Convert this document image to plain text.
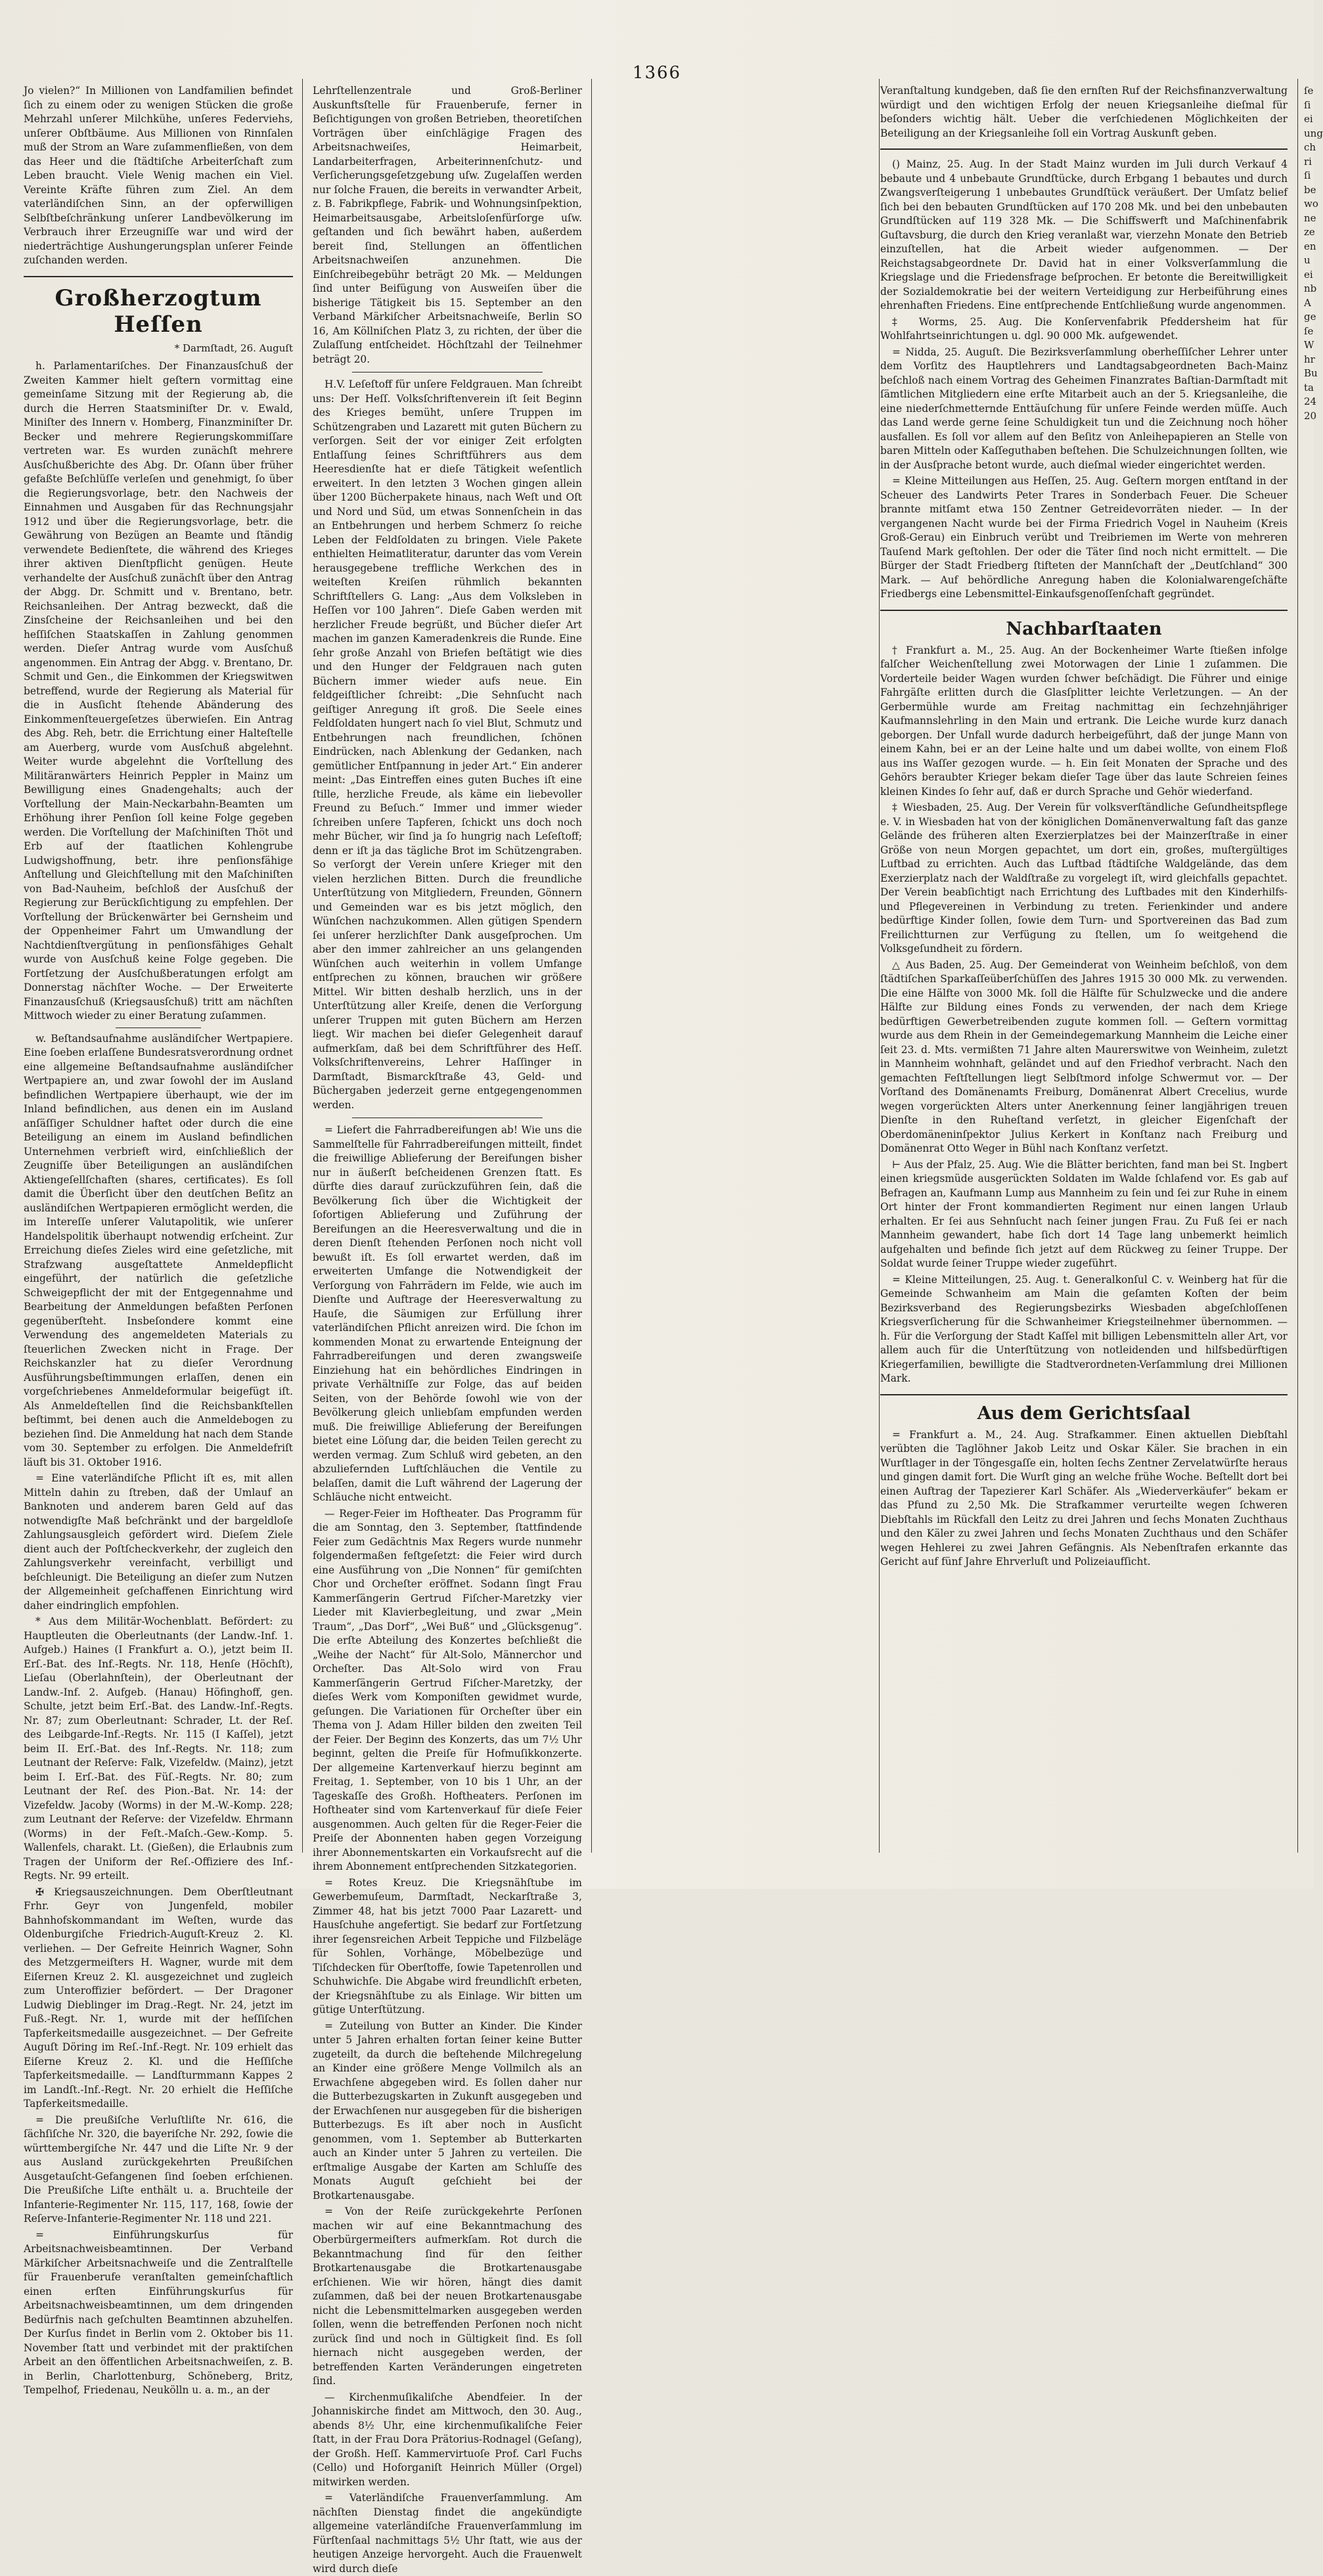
1366

Jo vielen?“ In Millionen von Landfamilien befindet ſich zu einem oder zu wenigen Stücken die große Mehrzahl unſerer Milchkühe, unſeres Federviehs, unſerer Obſtbäume. Aus Millionen von Rinnſalen muß der Strom an Ware zuſammenfließen, von dem das Heer und die ſtädtiſche Arbeiterſchaft zum Leben braucht. Viele Wenig machen ein Viel. Vereinte Kräfte führen zum Ziel. An dem vaterländiſchen Sinn, an der opferwilligen Selbſtbeſchränkung unſerer Landbevölkerung im Verbrauch ihrer Erzeugniſſe war und wird der niederträchtige Aushungerungsplan unſerer Feinde zuſchanden werden.

Großherzogtum Heſſen
* Darmſtadt, 26. Auguſt

h. Parlamentariſches. Der Finanzausſchuß der Zweiten Kammer hielt geſtern vormittag eine gemeinſame Sitzung mit der Regierung ab, die durch die Herren Staatsminiſter Dr. v. Ewald, Miniſter des Innern v. Homberg, Finanzminiſter Dr. Becker und mehrere Regierungskommiſſare vertreten war. Es wurden zunächſt mehrere Ausſchußberichte des Abg. Dr. Oſann über früher gefaßte Beſchlüſſe verleſen und genehmigt, ſo über die Regierungsvorlage, betr. den Nachweis der Einnahmen und Ausgaben für das Rechnungsjahr 1912 und über die Regierungsvorlage, betr. die Gewährung von Bezügen an Beamte und ſtändig verwendete Bedienſtete, die während des Krieges ihrer aktiven Dienſtpflicht genügen. Heute verhandelte der Ausſchuß zunächſt über den Antrag der Abgg. Dr. Schmitt und v. Brentano, betr. Reichsanleihen. Der Antrag bezweckt, daß die Zinsſcheine der Reichsanleihen und bei den heſſiſchen Staatskaſſen in Zahlung genommen werden. Dieſer Antrag wurde vom Ausſchuß angenommen. Ein Antrag der Abgg. v. Brentano, Dr. Schmit und Gen., die Einkommen der Kriegswitwen betreffend, wurde der Regierung als Material für die in Ausſicht ſtehende Abänderung des Einkommenſteuergeſetzes überwieſen. Ein Antrag des Abg. Reh, betr. die Errichtung einer Halteſtelle am Auerberg, wurde vom Ausſchuß abgelehnt. Weiter wurde abgelehnt die Vorſtellung des Militäranwärters Heinrich Peppler in Mainz um Bewilligung eines Gnadengehalts; auch der Vorſtellung der Main-Neckarbahn-Beamten um Erhöhung ihrer Penſion ſoll keine Folge gegeben werden. Die Vorſtellung der Maſchiniſten Thöt und Erb auf der ſtaatlichen Kohlengrube Ludwigshoffnung, betr. ihre penſionsfähige Anſtellung und Gleichſtellung mit den Maſchiniſten von Bad-Nauheim, beſchloß der Ausſchuß der Regierung zur Berückſichtigung zu empfehlen. Der Vorſtellung der Brückenwärter bei Gernsheim und der Oppenheimer Fahrt um Umwandlung der Nachtdienſtvergütung in penſionsfähiges Gehalt wurde von Ausſchuß keine Folge gegeben. Die Fortſetzung der Ausſchußberatungen erfolgt am Donnerstag nächſter Woche. — Der Erweiterte Finanzausſchuß (Kriegsausſchuß) tritt am nächſten Mittwoch wieder zu einer Beratung zuſammen.

w. Beſtandsaufnahme ausländiſcher Wertpapiere. Eine ſoeben erlaſſene Bundesratsverordnung ordnet eine allgemeine Beſtandsaufnahme ausländiſcher Wertpapiere an, und zwar ſowohl der im Ausland befindlichen Wertpapiere überhaupt, wie der im Inland befindlichen, aus denen ein im Ausland anſäſſiger Schuldner haftet oder durch die eine Beteiligung an einem im Ausland befindlichen Unternehmen verbrieft wird, einſchließlich der Zeugniſſe über Beteiligungen an ausländiſchen Aktiengeſellſchaften (shares, certificates). Es ſoll damit die Überſicht über den deutſchen Beſitz an ausländiſchen Wertpapieren ermöglicht werden, die im Intereſſe unſerer Valutapolitik, wie unſerer Handelspolitik überhaupt notwendig erſcheint. Zur Erreichung dieſes Zieles wird eine geſetzliche, mit Strafzwang ausgeſtattete Anmeldepflicht eingeführt, der natürlich die geſetzliche Schweigepflicht der mit der Entgegennahme und Bearbeitung der Anmeldungen befaßten Perſonen gegenüberſteht. Insbeſondere kommt eine Verwendung des angemeldeten Materials zu ſteuerlichen Zwecken nicht in Frage. Der Reichskanzler hat zu dieſer Verordnung Ausführungsbeſtimmungen erlaſſen, denen ein vorgeſchriebenes Anmeldeformular beigefügt iſt. Als Anmeldeſtellen ſind die Reichsbankſtellen beſtimmt, bei denen auch die Anmeldebogen zu beziehen ſind. Die Anmeldung hat nach dem Stande vom 30. September zu erfolgen. Die Anmeldefriſt läuft bis 31. Oktober 1916.

= Eine vaterländiſche Pflicht iſt es, mit allen Mitteln dahin zu ſtreben, daß der Umlauf an Banknoten und anderem baren Geld auf das notwendigſte Maß beſchränkt und der bargeldloſe Zahlungsausgleich gefördert wird. Dieſem Ziele dient auch der Poſtſcheckverkehr, der zugleich den Zahlungsverkehr vereinfacht, verbilligt und beſchleunigt. Die Beteiligung an dieſer zum Nutzen der Allgemeinheit geſchaffenen Einrichtung wird daher eindringlich empfohlen.

* Aus dem Militär-Wochenblatt. Befördert: zu Hauptleuten die Oberleutnants (der Landw.-Inf. 1. Aufgeb.) Haines (I Frankfurt a. O.), jetzt beim II. Erſ.-Bat. des Inf.-Regts. Nr. 118, Henſe (Höchſt), Lieſau (Oberlahnſtein), der Oberleutnant der Landw.-Inf. 2. Aufgeb. (Hanau) Höfinghoff, gen. Schulte, jetzt beim Erſ.-Bat. des Landw.-Inf.-Regts. Nr. 87; zum Oberleutnant: Schrader, Lt. der Reſ. des Leibgarde-Inf.-Regts. Nr. 115 (I Kaſſel), jetzt beim II. Erſ.-Bat. des Inf.-Regts. Nr. 118; zum Leutnant der Reſerve: Falk, Vizefeldw. (Mainz), jetzt beim I. Erſ.-Bat. des Füſ.-Regts. Nr. 80; zum Leutnant der Reſ. des Pion.-Bat. Nr. 14: der Vizefeldw. Jacoby (Worms) in der M.-W.-Komp. 228; zum Leutnant der Reſerve: der Vizefeldw. Ehrmann (Worms) in der Feſt.-Maſch.-Gew.-Komp. 5. Wallenfels, charakt. Lt. (Gießen), die Erlaubnis zum Tragen der Uniform der Reſ.-Offiziere des Inf.-Regts. Nr. 99 erteilt.

✠ Kriegsauszeichnungen. Dem Oberſtleutnant Frhr. Geyr von Jungenfeld, mobiler Bahnhofskommandant im Weſten, wurde das Oldenburgiſche Friedrich-Auguſt-Kreuz 2. Kl. verliehen. — Der Gefreite Heinrich Wagner, Sohn des Metzgermeiſters H. Wagner, wurde mit dem Eiſernen Kreuz 2. Kl. ausgezeichnet und zugleich zum Unteroffizier befördert. — Der Dragoner Ludwig Dieblinger im Drag.-Regt. Nr. 24, jetzt im Fuß.-Regt. Nr. 1, wurde mit der heſſiſchen Tapferkeitsmedaille ausgezeichnet. — Der Gefreite Auguſt Döring im Reſ.-Inf.-Regt. Nr. 109 erhielt das Eiſerne Kreuz 2. Kl. und die Heſſiſche Tapferkeitsmedaille. — Landſturmmann Kappes 2 im Landſt.-Inf.-Regt. Nr. 20 erhielt die Heſſiſche Tapferkeitsmedaille.

= Die preußiſche Verluſtliſte Nr. 616, die ſächſiſche Nr. 320, die bayeriſche Nr. 292, ſowie die württembergiſche Nr. 447 und die Liſte Nr. 9 der aus Ausland zurückgekehrten Preußiſchen Ausgetauſcht-Gefangenen ſind ſoeben erſchienen. Die Preußiſche Liſte enthält u. a. Bruchteile der Infanterie-Regimenter Nr. 115, 117, 168, ſowie der Reſerve-Infanterie-Regimenter Nr. 118 und 221.

= Einführungskurſus für Arbeitsnachweisbeamtinnen. Der Verband Märkiſcher Arbeitsnachweiſe und die Zentralſtelle für Frauenberufe veranſtalten gemeinſchaftlich einen erſten Einführungskurſus für Arbeitsnachweisbeamtinnen, um dem dringenden Bedürfnis nach geſchulten Beamtinnen abzuhelfen. Der Kurſus findet in Berlin vom 2. Oktober bis 11. November ſtatt und verbindet mit der praktiſchen Arbeit an den öffentlichen Arbeitsnachweiſen, z. B. in Berlin, Charlottenburg, Schöneberg, Britz, Tempelhof, Friedenau, Neukölln u. a. m., an der

Lehrſtellenzentrale und Groß-Berliner Auskunftsſtelle für Frauenberufe, ferner in Beſichtigungen von großen Betrieben, theoretiſchen Vorträgen über einſchlägige Fragen des Arbeitsnachweiſes, Heimarbeit, Landarbeiterfragen, Arbeiterinnenſchutz- und Verſicherungsgeſetzgebung uſw. Zugelaſſen werden nur ſolche Frauen, die bereits in verwandter Arbeit, z. B. Fabrikpflege, Fabrik- und Wohnungsinſpektion, Heimarbeitsausgabe, Arbeitsloſenfürſorge uſw. geſtanden und ſich bewährt haben, außerdem bereit ſind, Stellungen an öffentlichen Arbeitsnachweiſen anzunehmen. Die Einſchreibegebühr beträgt 20 Mk. — Meldungen ſind unter Beifügung von Ausweiſen über die bisherige Tätigkeit bis 15. September an den Verband Märkiſcher Arbeitsnachweiſe, Berlin SO 16, Am Köllniſchen Platz 3, zu richten, der über die Zulaſſung entſcheidet. Höchſtzahl der Teilnehmer beträgt 20.

H.V. Leſeſtoff für unſere Feldgrauen. Man ſchreibt uns: Der Heſſ. Volksſchriftenverein iſt ſeit Beginn des Krieges bemüht, unſere Truppen im Schützengraben und Lazarett mit guten Büchern zu verſorgen. Seit der vor einiger Zeit erfolgten Entlaſſung ſeines Schriftführers aus dem Heeresdienſte hat er dieſe Tätigkeit weſentlich erweitert. In den letzten 3 Wochen gingen allein über 1200 Bücherpakete hinaus, nach Weſt und Oſt und Nord und Süd, um etwas Sonnenſchein in das an Entbehrungen und herbem Schmerz ſo reiche Leben der Feldſoldaten zu bringen. Viele Pakete enthielten Heimatliteratur, darunter das vom Verein herausgegebene treffliche Werkchen des in weiteſten Kreiſen rühmlich bekannten Schriftſtellers G. Lang: „Aus dem Volksleben in Heſſen vor 100 Jahren“. Dieſe Gaben werden mit herzlicher Freude begrüßt, und Bücher dieſer Art machen im ganzen Kameradenkreis die Runde. Eine ſehr große Anzahl von Briefen beſtätigt wie dies und den Hunger der Feldgrauen nach guten Büchern immer wieder aufs neue. Ein feldgeiſtlicher ſchreibt: „Die Sehnſucht nach geiſtiger Anregung iſt groß. Die Seele eines Feldſoldaten hungert nach ſo viel Blut, Schmutz und Entbehrungen nach freundlichen, ſchönen Eindrücken, nach Ablenkung der Gedanken, nach gemütlicher Entſpannung in jeder Art.“ Ein anderer meint: „Das Eintreffen eines guten Buches iſt eine ſtille, herzliche Freude, als käme ein liebevoller Freund zu Beſuch.“ Immer und immer wieder ſchreiben unſere Tapferen, ſchickt uns doch noch mehr Bücher, wir ſind ja ſo hungrig nach Leſeſtoff; denn er iſt ja das tägliche Brot im Schützengraben. So verſorgt der Verein unſere Krieger mit den vielen herzlichen Bitten. Durch die freundliche Unterſtützung von Mitgliedern, Freunden, Gönnern und Gemeinden war es bis jetzt möglich, den Wünſchen nachzukommen. Allen gütigen Spendern ſei unſerer herzlichſter Dank ausgeſprochen. Um aber den immer zahlreicher an uns gelangenden Wünſchen auch weiterhin in vollem Umfange entſprechen zu können, brauchen wir größere Mittel. Wir bitten deshalb herzlich, uns in der Unterſtützung aller Kreiſe, denen die Verſorgung unſerer Truppen mit guten Büchern am Herzen liegt. Wir machen bei dieſer Gelegenheit darauf aufmerkſam, daß bei dem Schriftführer des Heſſ. Volksſchriftenvereins, Lehrer Haſſinger in Darmſtadt, Bismarckſtraße 43, Geld- und Büchergaben jederzeit gerne entgegengenommen werden.

= Liefert die Fahrradbereifungen ab! Wie uns die Sammelſtelle für Fahrradbereifungen mitteilt, findet die freiwillige Ablieferung der Bereifungen bisher nur in äußerſt beſcheidenen Grenzen ſtatt. Es dürfte dies darauf zurückzuführen ſein, daß die Bevölkerung ſich über die Wichtigkeit der ſofortigen Ablieferung und Zuführung der Bereifungen an die Heeresverwaltung und die in deren Dienſt ſtehenden Perſonen noch nicht voll bewußt iſt. Es ſoll erwartet werden, daß im erweiterten Umfange die Notwendigkeit der Verſorgung von Fahrrädern im Felde, wie auch im Dienſte und Auftrage der Heeresverwaltung zu Hauſe, die Säumigen zur Erfüllung ihrer vaterländiſchen Pflicht anreizen wird. Die ſchon im kommenden Monat zu erwartende Enteignung der Fahrradbereifungen und deren zwangsweiſe Einziehung hat ein behördliches Eindringen in private Verhältniſſe zur Folge, das auf beiden Seiten, von der Behörde ſowohl wie von der Bevölkerung gleich unliebſam empfunden werden muß. Die freiwillige Ablieferung der Bereifungen bietet eine Löſung dar, die beiden Teilen gerecht zu werden vermag. Zum Schluß wird gebeten, an den abzuliefernden Luftſchläuchen die Ventile zu belaſſen, damit die Luft während der Lagerung der Schläuche nicht entweicht.

— Reger-Feier im Hoftheater. Das Programm für die am Sonntag, den 3. September, ſtattfindende Feier zum Gedächtnis Max Regers wurde nunmehr folgendermaßen feſtgeſetzt: die Feier wird durch eine Ausführung von „Die Nonnen“ für gemiſchten Chor und Orcheſter eröffnet. Sodann ſingt Frau Kammerſängerin Gertrud Fiſcher-Maretzky vier Lieder mit Klavierbegleitung, und zwar „Mein Traum“, „Das Dorf“, „Wei Buß“ und „Glücksgenug“. Die erſte Abteilung des Konzertes beſchließt die „Weihe der Nacht“ für Alt-Solo, Männerchor und Orcheſter. Das Alt-Solo wird von Frau Kammerſängerin Gertrud Fiſcher-Maretzky, der dieſes Werk vom Komponiſten gewidmet wurde, geſungen. Die Variationen für Orcheſter über ein Thema von J. Adam Hiller bilden den zweiten Teil der Feier. Der Beginn des Konzerts, das um 7½ Uhr beginnt, gelten die Preiſe für Hofmuſikkonzerte. Der allgemeine Kartenverkauf hierzu beginnt am Freitag, 1. September, von 10 bis 1 Uhr, an der Tageskaſſe des Großh. Hoftheaters. Perſonen im Hoftheater sind vom Kartenverkauf für dieſe Feier ausgenommen. Auch gelten für die Reger-Feier die Preiſe der Abonnenten haben gegen Vorzeigung ihrer Abonnementskarten ein Vorkaufsrecht auf die ihrem Abonnement entſprechenden Sitzkategorien.

= Rotes Kreuz. Die Kriegsnähſtube im Gewerbemuſeum, Darmſtadt, Neckarſtraße 3, Zimmer 48, hat bis jetzt 7000 Paar Lazarett- und Hausſchuhe angefertigt. Sie bedarf zur Fortſetzung ihrer ſegensreichen Arbeit Teppiche und Filzbeläge für Sohlen, Vorhänge, Möbelbezüge und Tiſchdecken für Oberſtoffe, ſowie Tapetenrollen und Schuhwichſe. Die Abgabe wird freundlichſt erbeten, der Kriegsnähſtube zu als Einlage. Wir bitten um gütige Unterſtützung.

= Zuteilung von Butter an Kinder. Die Kinder unter 5 Jahren erhalten fortan ſeiner keine Butter zugeteilt, da durch die beſtehende Milchregelung an Kinder eine größere Menge Vollmilch als an Erwachſene abgegeben wird. Es ſollen daher nur die Butterbezugskarten in Zukunft ausgegeben und der Erwachſenen nur ausgegeben für die bisherigen Butterbezugs. Es iſt aber noch in Ausſicht genommen, vom 1. September ab Butterkarten auch an Kinder unter 5 Jahren zu verteilen. Die erſtmalige Ausgabe der Karten am Schluſſe des Monats Auguſt geſchieht bei der Brotkartenausgabe.

= Von der Reiſe zurückgekehrte Perſonen machen wir auf eine Bekanntmachung des Oberbürgermeiſters aufmerkſam. Rot durch die Bekanntmachung ſind für den ſeither Brotkartenausgabe die Brotkartenausgabe erſchienen. Wie wir hören, hängt dies damit zuſammen, daß bei der neuen Brotkartenausgabe nicht die Lebensmittelmarken ausgegeben werden ſollen, wenn die betreffenden Perſonen noch nicht zurück ſind und noch in Gültigkeit ſind. Es ſoll hiernach nicht ausgegeben werden, der betreffenden Karten Veränderungen eingetreten ſind.

— Kirchenmuſikaliſche Abendfeier. In der Johanniskirche findet am Mittwoch, den 30. Aug., abends 8½ Uhr, eine kirchenmuſikaliſche Feier ſtatt, in der Frau Dora Prätorius-Rodnagel (Geſang), der Großh. Heſſ. Kammervirtuoſe Prof. Carl Fuchs (Cello) und Hoforganiſt Heinrich Müller (Orgel) mitwirken werden.

= Vaterländiſche Frauenverſammlung. Am nächſten Dienstag findet die angekündigte allgemeine vaterländiſche Frauenverſammlung im Fürſtenſaal nachmittags 5½ Uhr ſtatt, wie aus der heutigen Anzeige hervorgeht. Auch die Frauenwelt wird durch dieſe

Veranſtaltung kundgeben, daß ſie den ernſten Ruf der Reichsfinanzverwaltung würdigt und den wichtigen Erfolg der neuen Kriegsanleihe dieſmal für beſonders wichtig hält. Ueber die verſchiedenen Möglichkeiten der Beteiligung an der Kriegsanleihe ſoll ein Vortrag Auskunft geben.

() Mainz, 25. Aug. In der Stadt Mainz wurden im Juli durch Verkauf 4 bebaute und 4 unbebaute Grundſtücke, durch Erbgang 1 bebautes und durch Zwangsverſteigerung 1 unbebautes Grundſtück veräußert. Der Umſatz belief ſich bei den bebauten Grundſtücken auf 170 208 Mk. und bei den unbebauten Grundſtücken auf 119 328 Mk. — Die Schiffswerft und Maſchinenfabrik Guſtavsburg, die durch den Krieg veranlaßt war, vierzehn Monate den Betrieb einzuſtellen, hat die Arbeit wieder aufgenommen. — Der Reichstagsabgeordnete Dr. David hat in einer Volksverſammlung die Kriegslage und die Friedensfrage beſprochen. Er betonte die Bereitwilligkeit der Sozialdemokratie bei der weitern Verteidigung zur Herbeiführung eines ehrenhaften Friedens. Eine entſprechende Entſchließung wurde angenommen.

‡ Worms, 25. Aug. Die Konſervenfabrik Pfeddersheim hat für Wohlfahrtseinrichtungen u. dgl. 90 000 Mk. aufgewendet.

= Nidda, 25. Auguſt. Die Bezirksverſammlung oberheſſiſcher Lehrer unter dem Vorſitz des Hauptlehrers und Landtagsabgeordneten Bach-Mainz beſchloß nach einem Vortrag des Geheimen Finanzrates Baſtian-Darmſtadt mit ſämtlichen Mitgliedern eine erſte Mitarbeit auch an der 5. Kriegsanleihe, die eine niederſchmetternde Enttäuſchung für unſere Feinde werden müſſe. Auch das Land werde gerne ſeine Schuldigkeit tun und die Zeichnung noch höher ausfallen. Es ſoll vor allem auf den Beſitz von Anleihepapieren an Stelle von baren Mitteln oder Kaſſeguthaben beſtehen. Die Schulzeichnungen ſollten, wie in der Ausſprache betont wurde, auch dieſmal wieder eingerichtet werden.

= Kleine Mitteilungen aus Heſſen, 25. Aug. Geſtern morgen entſtand in der Scheuer des Landwirts Peter Trares in Sonderbach Feuer. Die Scheuer brannte mitſamt etwa 150 Zentner Getreidevorräten nieder. — In der vergangenen Nacht wurde bei der Firma Friedrich Vogel in Nauheim (Kreis Groß-Gerau) ein Einbruch verübt und Treibriemen im Werte von mehreren Tauſend Mark geſtohlen. Der oder die Täter ſind noch nicht ermittelt. — Die Bürger der Stadt Friedberg ſtifteten der Mannſchaft der „Deutſchland“ 300 Mark. — Auf behördliche Anregung haben die Kolonialwarengeſchäfte Friedbergs eine Lebensmittel-Einkaufsgenoſſenſchaft gegründet.

Nachbarſtaaten

† Frankfurt a. M., 25. Aug. An der Bockenheimer Warte ſtießen infolge falſcher Weichenſtellung zwei Motorwagen der Linie 1 zuſammen. Die Vorderteile beider Wagen wurden ſchwer beſchädigt. Die Führer und einige Fahrgäſte erlitten durch die Glasſplitter leichte Verletzungen. — An der Gerbermühle wurde am Freitag nachmittag ein ſechzehnjähriger Kaufmannslehrling in den Main und ertrank. Die Leiche wurde kurz danach geborgen. Der Unfall wurde dadurch herbeigeführt, daß der junge Mann von einem Kahn, bei er an der Leine halte und um dabei wollte, von einem Floß aus ins Waſſer gezogen wurde. — h. Ein ſeit Monaten der Sprache und des Gehörs beraubter Krieger bekam dieſer Tage über das laute Schreien ſeines kleinen Kindes ſo ſehr auf, daß er durch Sprache und Gehör wiederfand.

‡ Wiesbaden, 25. Aug. Der Verein für volksverſtändliche Geſundheitspflege e. V. in Wiesbaden hat von der königlichen Domänenverwaltung faſt das ganze Gelände des früheren alten Exerzierplatzes bei der Mainzerſtraße in einer Größe von neun Morgen gepachtet, um dort ein, großes, muſtergültiges Luftbad zu errichten. Auch das Luftbad ſtädtiſche Waldgelände, das dem Exerzierplatz nach der Waldſtraße zu vorgelegt iſt, wird gleichfalls gepachtet. Der Verein beabſichtigt nach Errichtung des Luftbades mit den Kinderhilfs- und Pflegevereinen in Verbindung zu treten. Ferienkinder und andere bedürftige Kinder ſollen, ſowie dem Turn- und Sportvereinen das Bad zum Freilichtturnen zur Verfügung zu ſtellen, um ſo weitgehend die Volksgeſundheit zu fördern.

△ Aus Baden, 25. Aug. Der Gemeinderat von Weinheim beſchloß, von dem ſtädtiſchen Sparkaſſeüberſchüſſen des Jahres 1915 30 000 Mk. zu verwenden. Die eine Hälfte von 3000 Mk. ſoll die Hälfte für Schulzwecke und die andere Hälfte zur Bildung eines Fonds zu verwenden, der nach dem Kriege bedürftigen Gewerbetreibenden zugute kommen ſoll. — Geſtern vormittag wurde aus dem Rhein in der Gemeindegemarkung Mannheim die Leiche einer ſeit 23. d. Mts. vermißten 71 Jahre alten Maurerswitwe von Weinheim, zuletzt in Mannheim wohnhaft, geländet und auf den Friedhof verbracht. Nach den gemachten Feſtſtellungen liegt Selbſtmord infolge Schwermut vor. — Der Vorſtand des Domänenamts Freiburg, Domänenrat Albert Crecelius, wurde wegen vorgerückten Alters unter Anerkennung ſeiner langjährigen treuen Dienſte in den Ruheſtand verſetzt, in gleicher Eigenſchaft der Oberdomäneninſpektor Julius Kerkert in Konſtanz nach Freiburg und Domänenrat Otto Weger in Bühl nach Konſtanz verſetzt.

⊢ Aus der Pfalz, 25. Aug. Wie die Blätter berichten, fand man bei St. Ingbert einen kriegsmüde ausgerückten Soldaten im Walde ſchlafend vor. Es gab auf Befragen an, Kaufmann Lump aus Mannheim zu ſein und ſei zur Ruhe in einem Ort hinter der Front kommandierten Regiment nur einen langen Urlaub erhalten. Er ſei aus Sehnſucht nach ſeiner jungen Frau. Zu Fuß ſei er nach Mannheim gewandert, habe ſich dort 14 Tage lang unbemerkt heimlich aufgehalten und befinde ſich jetzt auf dem Rückweg zu ſeiner Truppe. Der Soldat wurde ſeiner Truppe wieder zugeführt.

= Kleine Mitteilungen, 25. Aug. t. Generalkonſul C. v. Weinberg hat für die Gemeinde Schwanheim am Main die geſamten Koſten der beim Bezirksverband des Regierungsbezirks Wiesbaden abgeſchloſſenen Kriegsverſicherung für die Schwanheimer Kriegsteilnehmer übernommen. — h. Für die Verſorgung der Stadt Kaſſel mit billigen Lebensmitteln aller Art, vor allem auch für die Unterſtützung von notleidenden und hilfsbedürftigen Kriegerfamilien, bewilligte die Stadtverordneten-Verſammlung drei Millionen Mark.

Aus dem Gerichtsſaal

= Frankfurt a. M., 24. Aug. Strafkammer. Einen aktuellen Diebſtahl verübten die Taglöhner Jakob Leitz und Oskar Käler. Sie brachen in ein Wurſtlager in der Töngesgaſſe ein, holten ſechs Zentner Zervelatwürſte heraus und gingen damit fort. Die Wurſt ging an welche frühe Woche. Beſtellt dort bei einen Auftrag der Tapezierer Karl Schäfer. Als „Wiederverkäufer“ bekam er das Pfund zu 2,50 Mk. Die Strafkammer verurteilte wegen ſchweren Diebſtahls im Rückfall den Leitz zu drei Jahren und ſechs Monaten Zuchthaus und den Käler zu zwei Jahren und ſechs Monaten Zuchthaus und den Schäfer wegen Hehlerei zu zwei Jahren Gefängnis. Als Nebenſtrafen erkannte das Gericht auf fünf Jahre Ehrverluſt und Polizeiaufſicht.

ſe
ſi
ei
ung
ch
ri
ſi
be
wo
ne
ze
en
u
ei
nb
A
ge
ſe
W
hr
Bu
ta
24
20
